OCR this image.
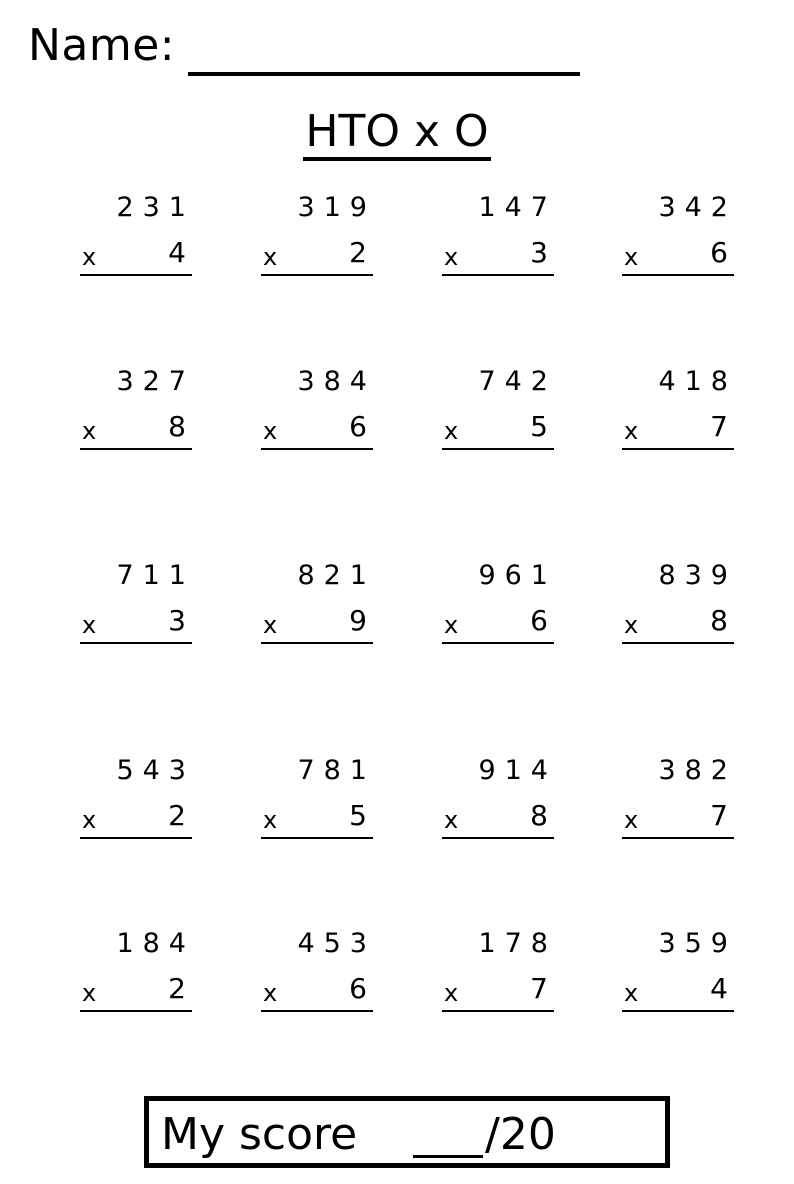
Name:
HTO x O
231
x	4
319
x	2
147
x	3
342
x	6
327
x	8
384
x	6
742
x	5
418
x	7
711
x	3
821
x	9
961
x	6
839
x	8
543
x	2
781
x	5
914
x	8
382
x	7
184
x	2
453
x	6
178
x	7
359
x	4
My score	/20
